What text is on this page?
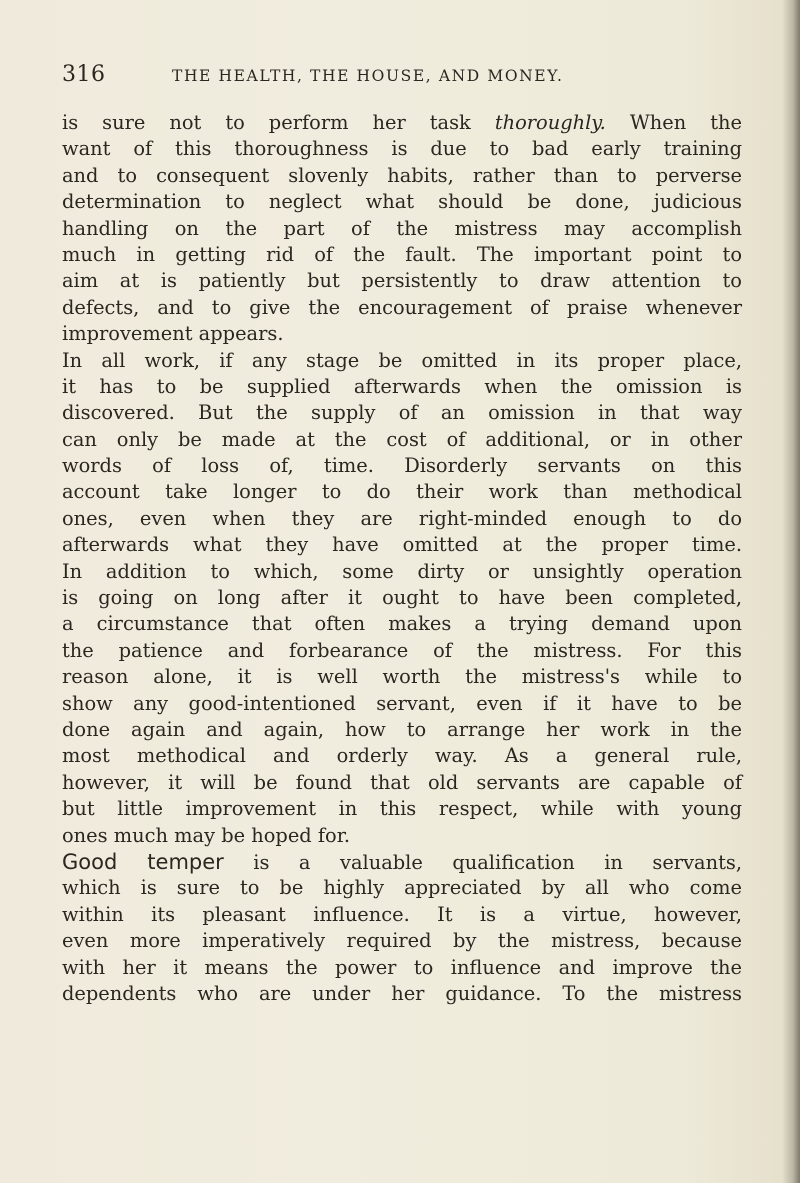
316	THE HEALTH, THE HOUSE, AND MONEY.
is sure not to perform her task thoroughly. When the
want of this thoroughness is due to bad early training
and to consequent slovenly habits, rather than to perverse
determination to neglect what should be done, judicious
handling on the part of the mistress may accomplish
much in getting rid of the fault. The important point to
aim at is patiently but persistently to draw attention to
defects, and to give the encouragement of praise whenever
improvement appears.
In all work, if any stage be omitted in its proper place,
it has to be supplied afterwards when the omission is
discovered. But the supply of an omission in that way
can only be made at the cost of additional, or in other
words of loss of, time. Disorderly servants on this
account take longer to do their work than methodical
ones, even when they are right-minded enough to do
afterwards what they have omitted at the proper time.
In addition to which, some dirty or unsightly operation
is going on long after it ought to have been completed,
a circumstance that often makes a trying demand upon
the patience and forbearance of the mistress. For this
reason alone, it is well worth the mistress's while to
show any good-intentioned servant, even if it have to be
done again and again, how to arrange her work in the
most methodical and orderly way. As a general rule,
however, it will be found that old servants are capable of
but little improvement in this respect, while with young
ones much may be hoped for.
Good temper is a valuable qualification in servants,
which is sure to be highly appreciated by all who come
within its pleasant influence. It is a virtue, however,
even more imperatively required by the mistress, because
with her it means the power to influence and improve the
dependents who are under her guidance. To the mistress
